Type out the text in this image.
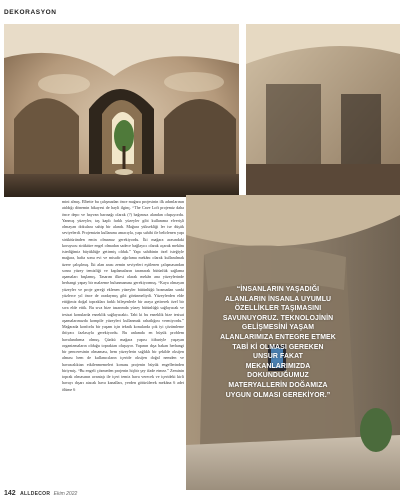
DEKORASYON
mini almış. Elbette bu çalışmadan önce mağara projesinin ilk adımlarının atıldığı dönemin hikayesi de hayli ilginç. “The Cave Loft projemiz daha önce depo ve hayvan barınağı olarak (?) bağımsız alandan oluşuyordu. Yanmış yüzeyler, taş kaplı farklı yüzeyler gibi kullanıma elverişli olmayan dokulara sahip bir alandı. Mağara yüksekliği ler ise düşük seviyelerdi. Projemizin kullanımı amacıyla, yapı sahibi ile belirlenen yapı strüktüründen emin olmamız gerekiyordu. İki mağara arasındaki koruyucu strüktüre engel olmadan sadece bağlayıcı olarak açarak mekânı istediğimiz büyüklüğe getirmiş olduk.” Yapı sahibinin özel isteğiyle mağara, hafta sonu evi ve misafir ağırlama mekânı olarak kullanılmak üzere çalışılmış. İki alan arası zemin seviyeleri eşitlenen çalışmasından sonra yüzey temizliği ve kaplamaların taranarak bütünlük sağlama aşamaları başlamış. Tasarım ilkesi olarak mekân ana yüzeylerinde herhangi yapay bir malzeme bulunmaması gerekiyormuş. “Kaya olmayan yüzeyler ve proje gereği eklenen yüzeyler bütünlüğü bozmadan sanki yüzlerce yıl önce de oradaymış gibi görünmeliydi. Yüzeylerden elde ettiğimiz doğal toprakları farklı bileşenlerle bir araya getirerek özel bir sıva elde ettik. Bu sıva bize tasarımda yüzey bütünlüğü sağlayacak ve tesisat konularda esneklik sağlayacaktı. Tabi ki bu esneklik bize tesisat aşamalarımızda kompile yüzeyleri kullanmak rahatlığını vermiyordu.” Mağarada konforlu bir yaşam için teknik konularda çok iyi çözümleme ihtiyacı fazlasıyla gerekiyordu. Bu anlamda en büyük problem havalandırma olmuş. Çünkü mağara yapısı itibariyle yaşayan organizmaların olduğu topraktan oluşuyor. Yapının dışa bakan herhangi bir penceresinin olmaması, hem yüzeylerin sağlıklı bir şekilde oksijen alması hem de kullanıcıların içeride oksijen doğal nemden ve havasızlıktan etkilenmemeleri konusu projenin büyük engellerinden biriymiş. “Bu engeli çözmeden projenin hiçbir şey ifade etmez.” Zeminin toprak olmasının avantajı ile içeri temiz hava verecek ve içerideki kirli havayı dışarı atacak hava kanalları, yerden götürülerek mekâna 6 adet ölüme 6
“İNSANLARIN YAŞADIĞI ALANLARIN İNSANLA UYUMLU ÖZELLİKLER TAŞIMASINI SAVUNUYORUZ. TEKNOLOJİNİN GELİŞMESİNİ YAŞAM ALANLARIMIZA ENTEGRE ETMEK TABİ Kİ OLMASI GEREKEN UNSUR FAKAT MEKANLARIMIZDA DOKUNDUĞUMUZ MATERYALLERİN DOĞAMIZA UYGUN OLMASI GEREKİYOR.”
142 ALLDECOR Ekim 2022
